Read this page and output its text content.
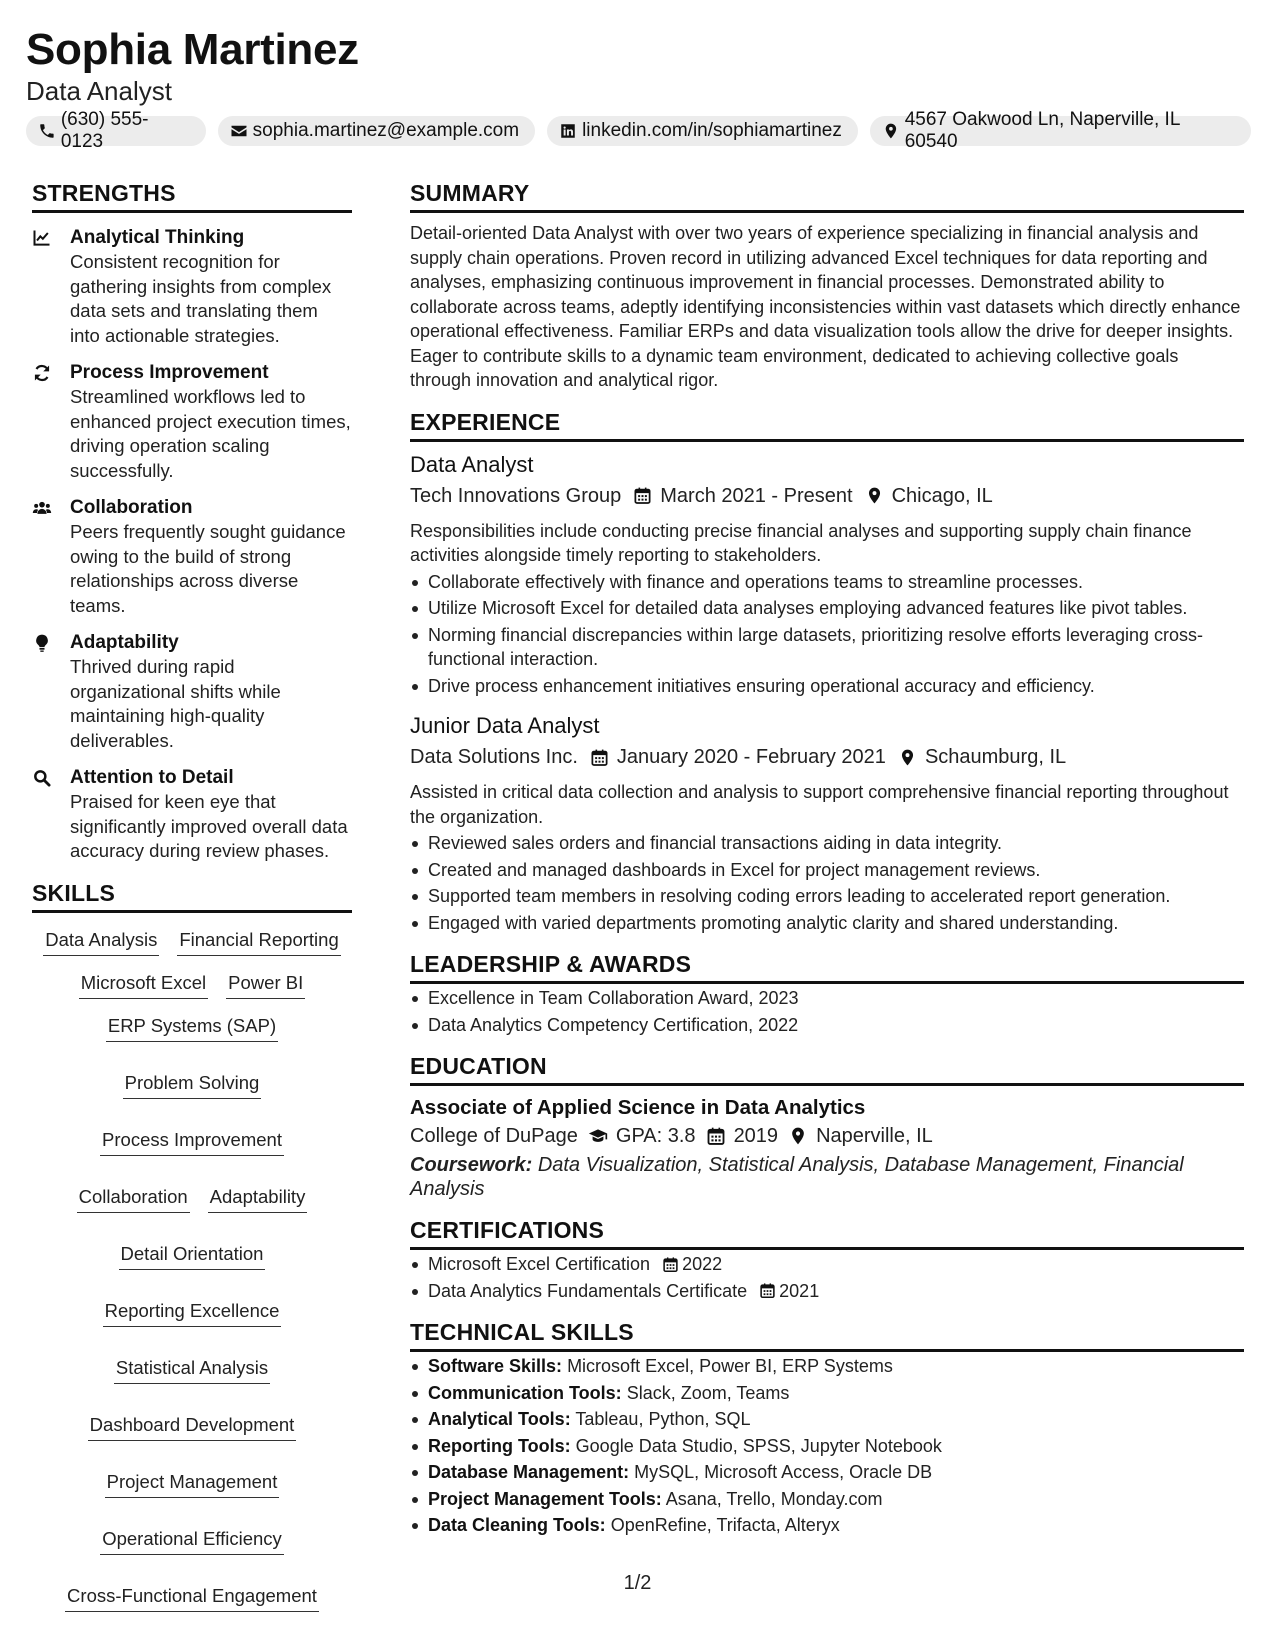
Sophia Martinez
Data Analyst
(630) 555-0123
sophia.martinez@example.com	linkedin.com/in/sophiamartinez
4567 Oakwood Ln, Naperville, IL 60540
STRENGTHS
Analytical Thinking
Consistent recognition for gathering insights from complex data sets and translating them into actionable strategies.
Process Improvement
Streamlined workflows led to enhanced project execution times, driving operation scaling successfully.
Collaboration
Peers frequently sought guidance owing to the build of strong relationships across diverse teams.
Adaptability
Thrived during rapid organizational shifts while maintaining high-quality deliverables.
Attention to Detail
Praised for keen eye that significantly improved overall data accuracy during review phases.
SKILLS
Data Analysis Financial Reporting
Microsoft Excel Power BI
ERP Systems (SAP)
Problem Solving
Process Improvement
Collaboration Adaptability
Detail Orientation
Reporting Excellence
Statistical Analysis
Dashboard Development
Project Management
Operational Efficiency
Cross-Functional Engagement
SUMMARY
Detail-oriented Data Analyst with over two years of experience specializing in financial analysis and supply chain operations. Proven record in utilizing advanced Excel techniques for data reporting and analyses, emphasizing continuous improvement in financial processes. Demonstrated ability to collaborate across teams, adeptly identifying inconsistencies within vast datasets which directly enhance operational effectiveness. Familiar ERPs and data visualization tools allow the drive for deeper insights. Eager to contribute skills to a dynamic team environment, dedicated to achieving collective goals through innovation and analytical rigor.
EXPERIENCE
Data Analyst
Tech Innovations Group March 2021 - Present Chicago, IL
Responsibilities include conducting precise financial analyses and supporting supply chain finance activities alongside timely reporting to stakeholders.
Collaborate effectively with finance and operations teams to streamline processes.
Utilize Microsoft Excel for detailed data analyses employing advanced features like pivot tables.
Norming financial discrepancies within large datasets, prioritizing resolve efforts leveraging cross-functional interaction.
Drive process enhancement initiatives ensuring operational accuracy and efficiency.
Junior Data Analyst
Data Solutions Inc. January 2020 - February 2021 Schaumburg, IL
Assisted in critical data collection and analysis to support comprehensive financial reporting throughout the organization.
Reviewed sales orders and financial transactions aiding in data integrity.
Created and managed dashboards in Excel for project management reviews.
Supported team members in resolving coding errors leading to accelerated report generation.
Engaged with varied departments promoting analytic clarity and shared understanding.
LEADERSHIP & AWARDS
Excellence in Team Collaboration Award, 2023
Data Analytics Competency Certification, 2022
EDUCATION
Associate of Applied Science in Data Analytics
College of DuPage GPA: 3.8 2019 Naperville, IL
Coursework: Data Visualization, Statistical Analysis, Database Management, Financial Analysis
CERTIFICATIONS
Microsoft Excel Certification 2022
Data Analytics Fundamentals Certificate 2021
TECHNICAL SKILLS
Software Skills: Microsoft Excel, Power BI, ERP Systems
Communication Tools: Slack, Zoom, Teams
Analytical Tools: Tableau, Python, SQL
Reporting Tools: Google Data Studio, SPSS, Jupyter Notebook
Database Management: MySQL, Microsoft Access, Oracle DB
Project Management Tools: Asana, Trello, Monday.com
Data Cleaning Tools: OpenRefine, Trifacta, Alteryx
1/2
